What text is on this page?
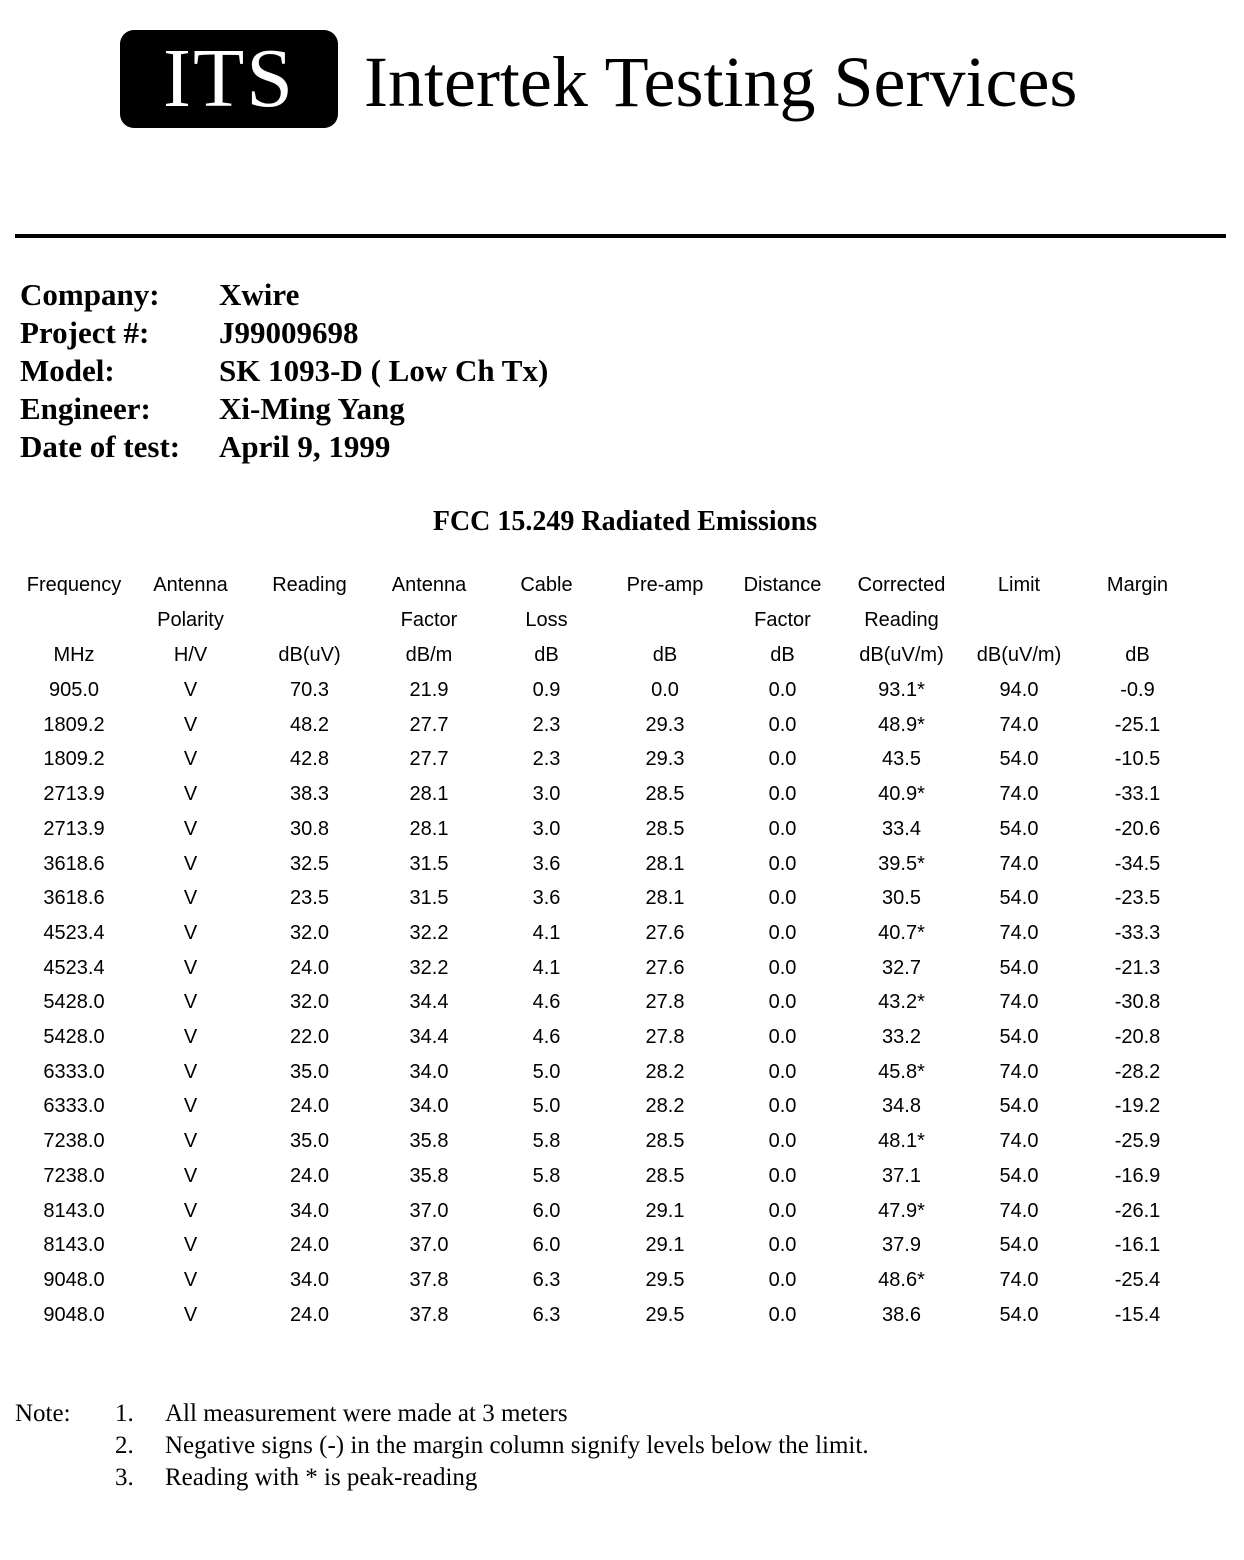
ITS Intertek Testing Services
Company: Xwire
Project #: J99009698
Model:	SK 1093-D ( Low Ch Tx)
Engineer: Xi-Ming Yang
Date of test: April 9, 1999
FCC 15.249 Radiated Emissions
Frequency	Antenna	Reading	Antenna	Cable	Pre-amp	Distance	Corrected	Limit	Margin
	Polarity		Factor	Loss		Factor	Reading		
MHz	H/V	dB(uV)	dB/m	dB	dB	dB	dB(uV/m)	dB(uV/m)	dB
905.0	V	70.3	21.9	0.9	0.0	0.0	93.1*	94.0	-0.9
1809.2	V	48.2	27.7	2.3	29.3	0.0	48.9*	74.0	-25.1
1809.2	V	42.8	27.7	2.3	29.3	0.0	43.5	54.0	-10.5
2713.9	V	38.3	28.1	3.0	28.5	0.0	40.9*	74.0	-33.1
2713.9	V	30.8	28.1	3.0	28.5	0.0	33.4	54.0	-20.6
3618.6	V	32.5	31.5	3.6	28.1	0.0	39.5*	74.0	-34.5
3618.6	V	23.5	31.5	3.6	28.1	0.0	30.5	54.0	-23.5
4523.4	V	32.0	32.2	4.1	27.6	0.0	40.7*	74.0	-33.3
4523.4	V	24.0	32.2	4.1	27.6	0.0	32.7	54.0	-21.3
5428.0	V	32.0	34.4	4.6	27.8	0.0	43.2*	74.0	-30.8
5428.0	V	22.0	34.4	4.6	27.8	0.0	33.2	54.0	-20.8
6333.0	V	35.0	34.0	5.0	28.2	0.0	45.8*	74.0	-28.2
6333.0	V	24.0	34.0	5.0	28.2	0.0	34.8	54.0	-19.2
7238.0	V	35.0	35.8	5.8	28.5	0.0	48.1*	74.0	-25.9
7238.0	V	24.0	35.8	5.8	28.5	0.0	37.1	54.0	-16.9
8143.0	V	34.0	37.0	6.0	29.1	0.0	47.9*	74.0	-26.1
8143.0	V	24.0	37.0	6.0	29.1	0.0	37.9	54.0	-16.1
9048.0	V	34.0	37.8	6.3	29.5	0.0	48.6*	74.0	-25.4
9048.0	V	24.0	37.8	6.3	29.5	0.0	38.6	54.0	-15.4
Note: 1. All measurement were made at 3 meters
2. Negative signs (-) in the margin column signify levels below the limit.
3. Reading with * is peak-reading
